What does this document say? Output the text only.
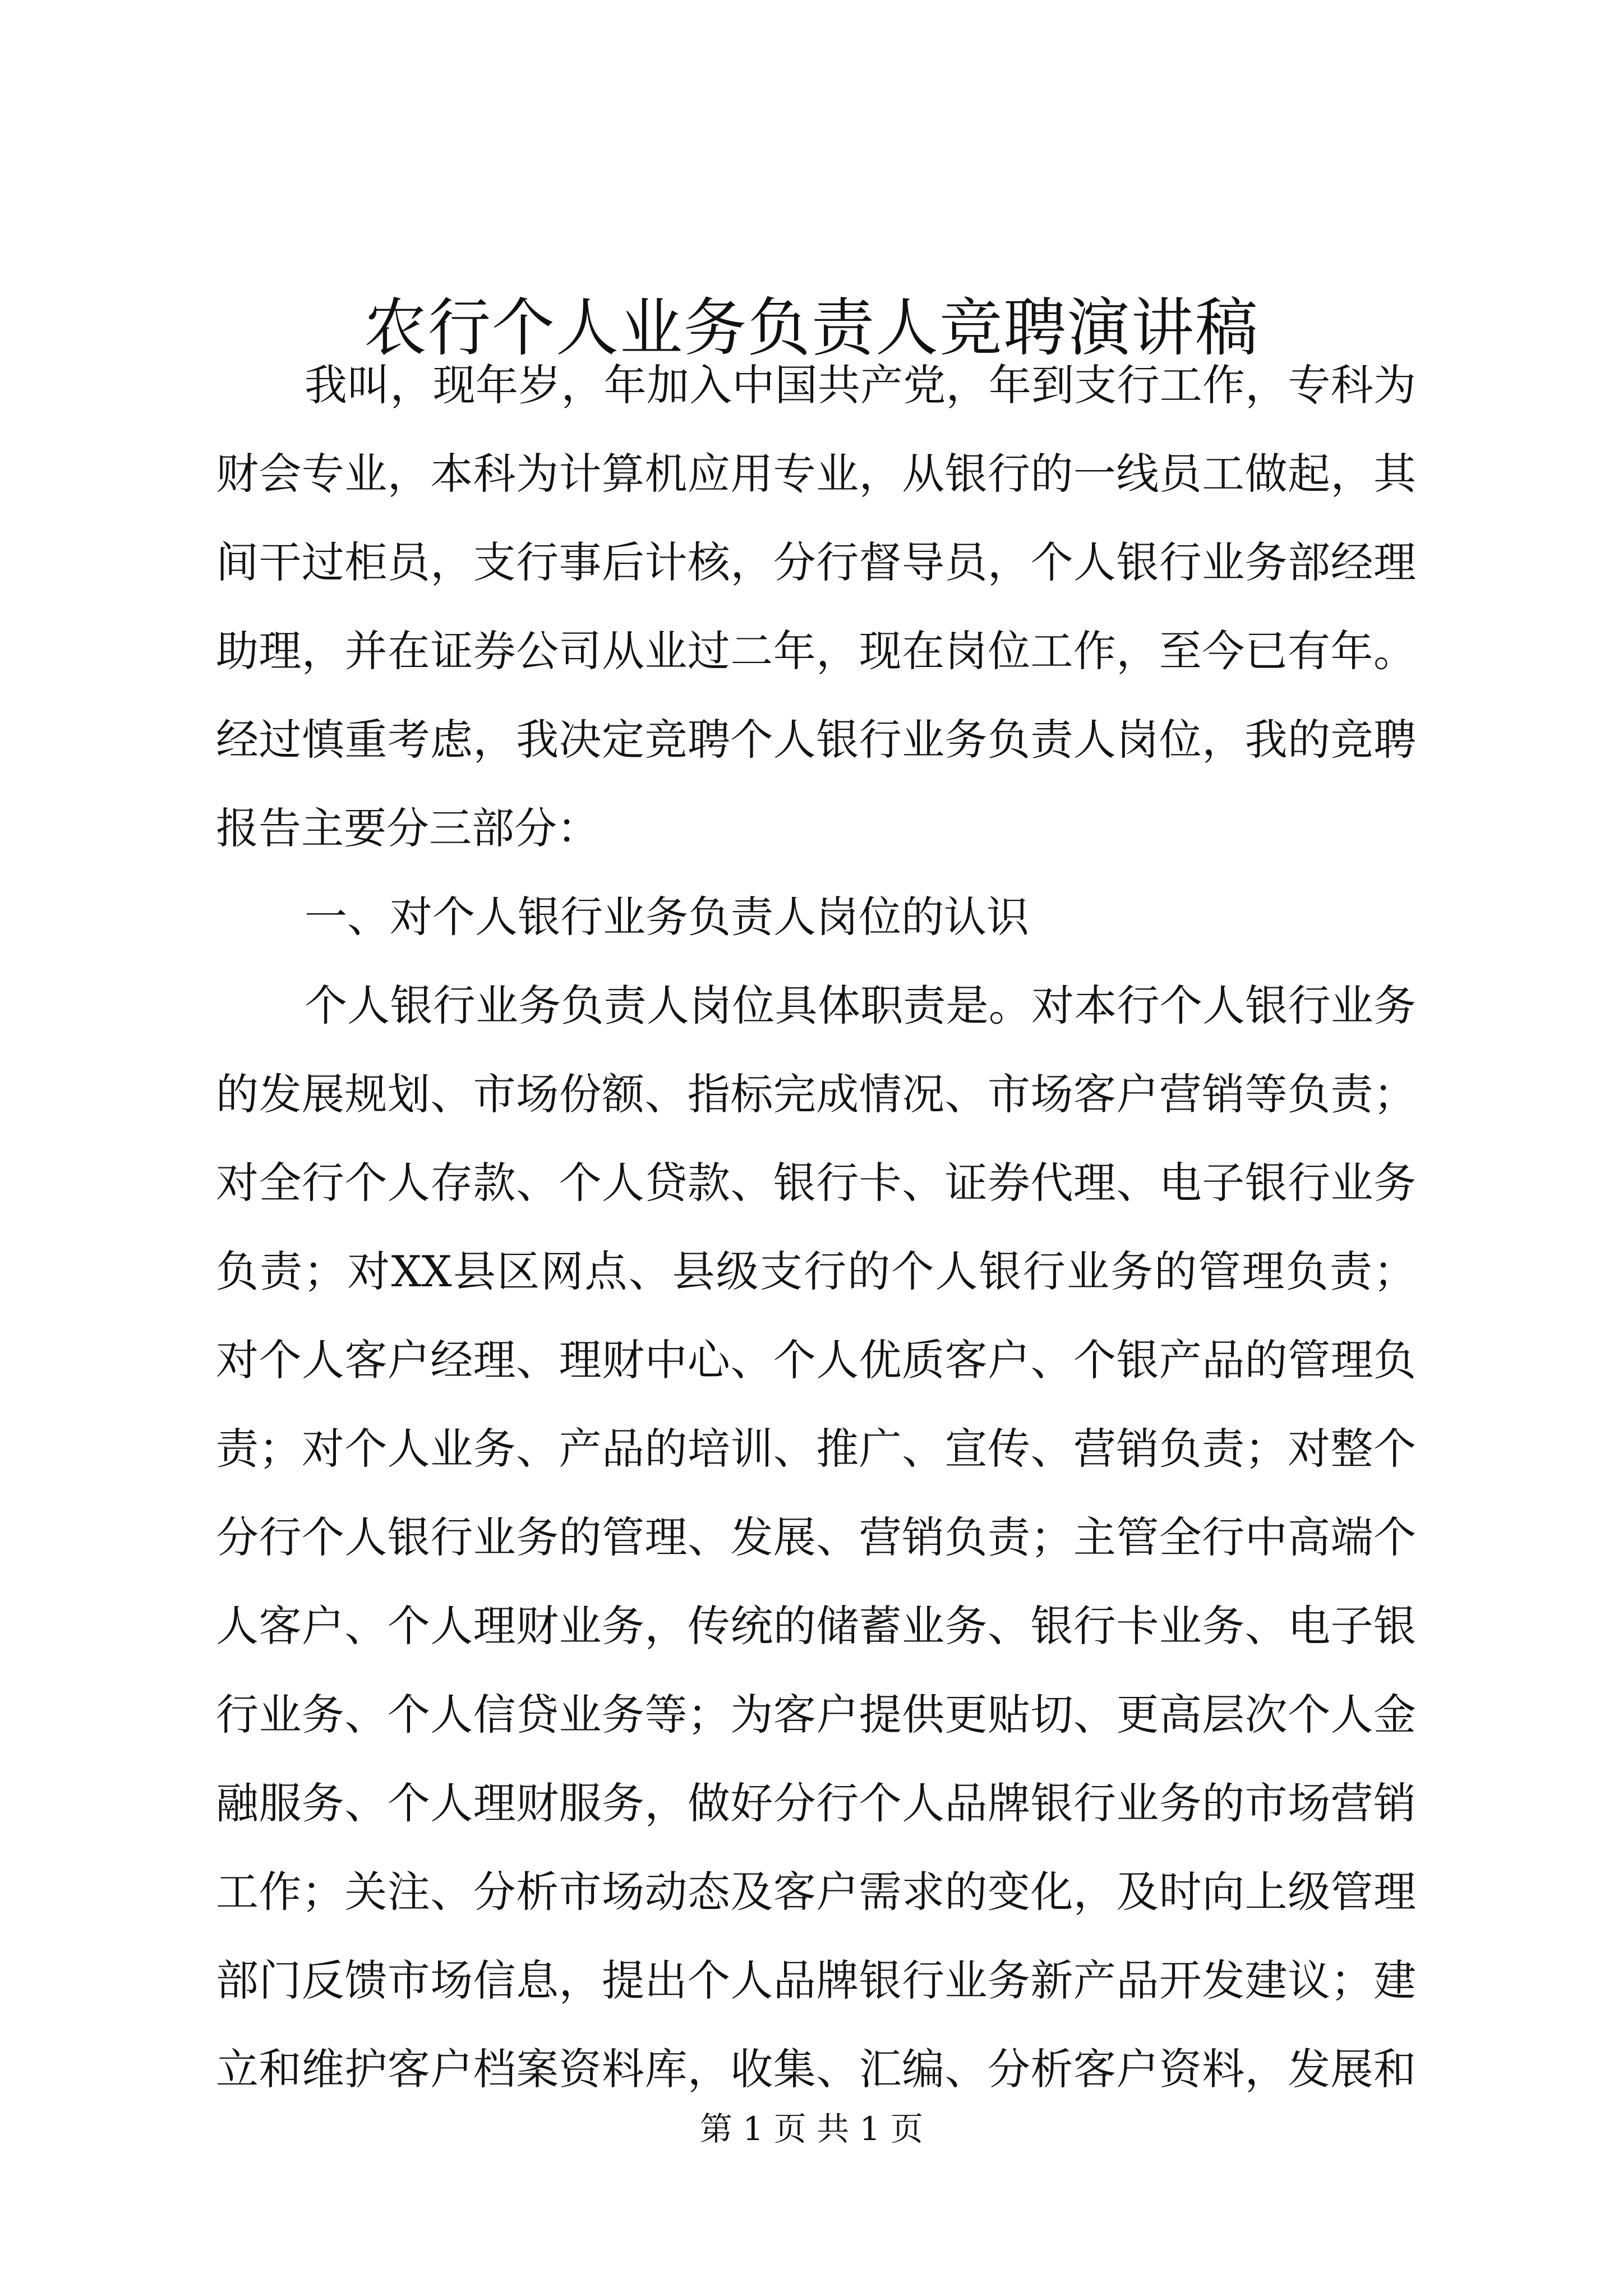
农行个人业务负责人竞聘演讲稿
我叫，现年岁，年加入中国共产党，年到支行工作，专科为
财会专业，本科为计算机应用专业，从银行的一线员工做起，其
间干过柜员，支行事后计核，分行督导员，个人银行业务部经理
助理，并在证券公司从业过二年，现在岗位工作，至今已有年。
经过慎重考虑，我决定竞聘个人银行业务负责人岗位，我的竞聘
报告主要分三部分：
一、对个人银行业务负责人岗位的认识
个人银行业务负责人岗位具体职责是。对本行个人银行业务
的发展规划、市场份额、指标完成情况、市场客户营销等负责；
对全行个人存款、个人贷款、银行卡、证券代理、电子银行业务
负责；对XX县区网点、县级支行的个人银行业务的管理负责；
对个人客户经理、理财中心、个人优质客户、个银产品的管理负
责；对个人业务、产品的培训、推广、宣传、营销负责；对整个
分行个人银行业务的管理、发展、营销负责；主管全行中高端个
人客户、个人理财业务，传统的储蓄业务、银行卡业务、电子银
行业务、个人信贷业务等；为客户提供更贴切、更高层次个人金
融服务、个人理财服务，做好分行个人品牌银行业务的市场营销
工作；关注、分析市场动态及客户需求的变化，及时向上级管理
部门反馈市场信息，提出个人品牌银行业务新产品开发建议；建
立和维护客户档案资料库，收集、汇编、分析客户资料，发展和
第 1 页 共 1 页
